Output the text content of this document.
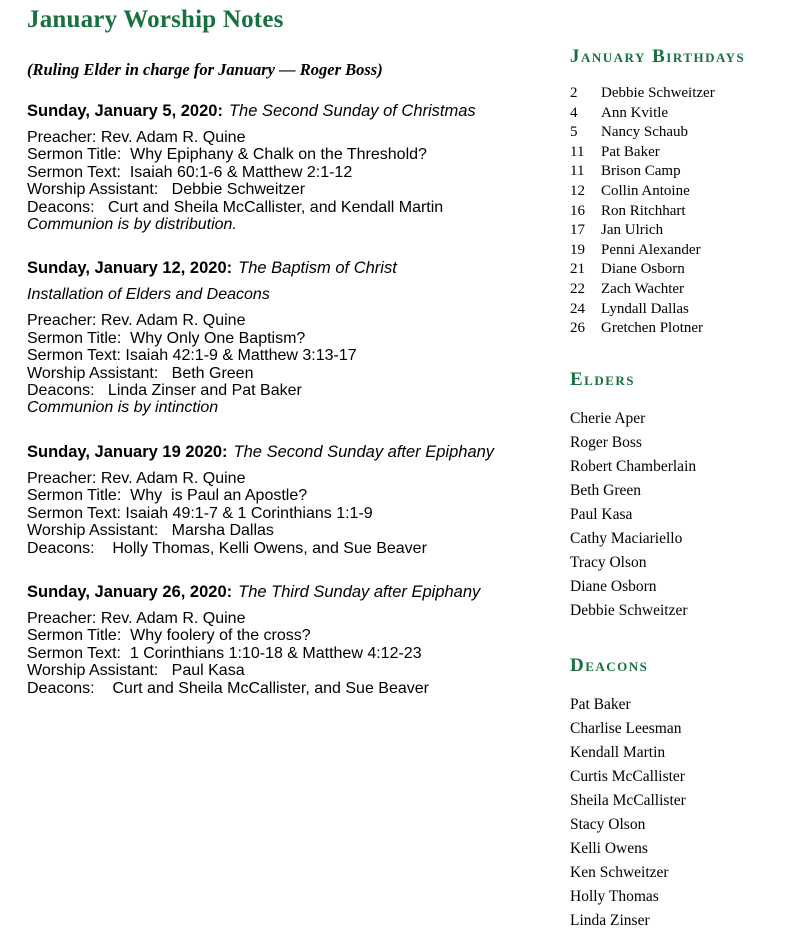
January Worship Notes

(Ruling Elder in charge for January — Roger Boss)

Sunday, January 5, 2020: The Second Sunday of Christmas

Preacher: Rev. Adam R. Quine

Sermon Title:  Why Epiphany & Chalk on the Threshold?

Sermon Text:  Isaiah 60:1-6 & Matthew 2:1-12

Worship Assistant:   Debbie Schweitzer

Deacons:   Curt and Sheila McCallister, and Kendall Martin

Communion is by distribution.

Sunday, January 12, 2020: The Baptism of Christ

Installation of Elders and Deacons

Preacher: Rev. Adam R. Quine

Sermon Title:  Why Only One Baptism?

Sermon Text: Isaiah 42:1-9 & Matthew 3:13-17

Worship Assistant:   Beth Green

Deacons:   Linda Zinser and Pat Baker

Communion is by intinction

Sunday, January 19 2020: The Second Sunday after Epiphany

Preacher: Rev. Adam R. Quine

Sermon Title:  Why  is Paul an Apostle?

Sermon Text: Isaiah 49:1-7 & 1 Corinthians 1:1-9

Worship Assistant:   Marsha Dallas

Deacons:    Holly Thomas, Kelli Owens, and Sue Beaver

Sunday, January 26, 2020: The Third Sunday after Epiphany

Preacher: Rev. Adam R. Quine

Sermon Title:  Why foolery of the cross?

Sermon Text:  1 Corinthians 1:10-18 & Matthew 4:12-23

Worship Assistant:   Paul Kasa

Deacons:    Curt and Sheila McCallister, and Sue Beaver

January Birthdays
2	Debbie Schweitzer
4	Ann Kvitle
5	Nancy Schaub
11	Pat Baker
11	Brison Camp
12	Collin Antoine
16	Ron Ritchhart
17	Jan Ulrich
19	Penni Alexander
21	Diane Osborn
22	Zach Wachter
24	Lyndall Dallas
26	Gretchen Plotner
Elders

Cherie Aper

Roger Boss

Robert Chamberlain

Beth Green

Paul Kasa

Cathy Maciariello

Tracy Olson

Diane Osborn

Debbie Schweitzer

Deacons

Pat Baker

Charlise Leesman

Kendall Martin

Curtis McCallister

Sheila McCallister

Stacy Olson

Kelli Owens

Ken Schweitzer

Holly Thomas

Linda Zinser
